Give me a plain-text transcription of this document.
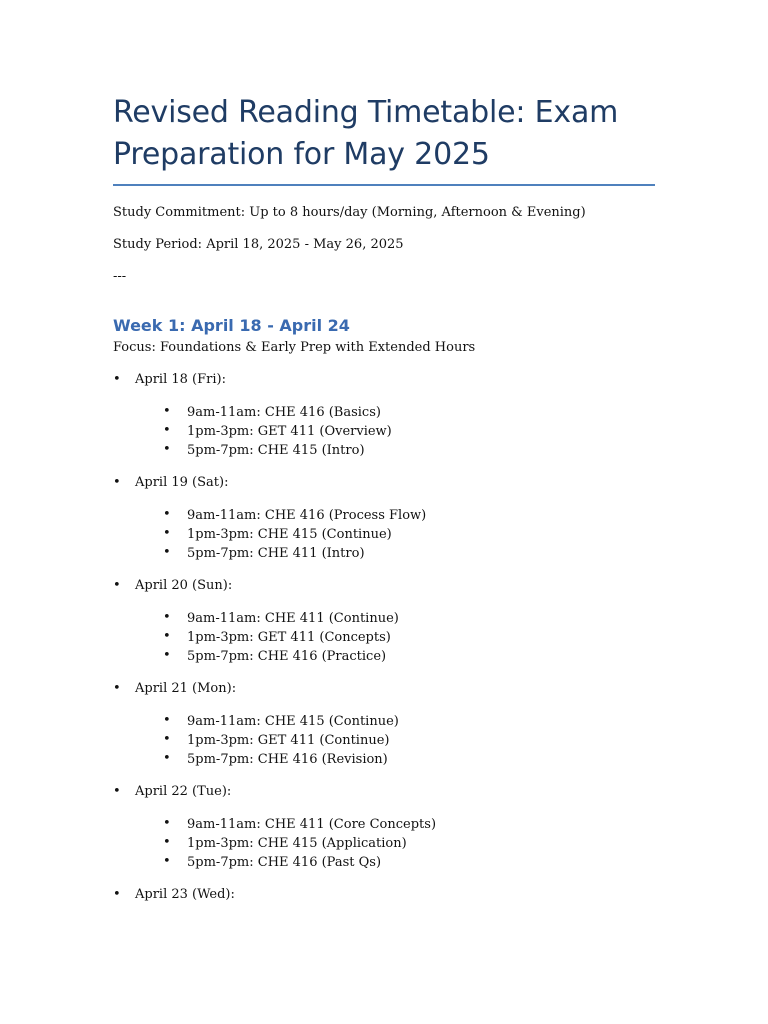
Revised Reading Timetable: Exam Preparation for May 2025

Study Commitment: Up to 8 hours/day (Morning, Afternoon & Evening)

Study Period: April 18, 2025 - May 26, 2025

---

Week 1: April 18 - April 24

Focus: Foundations & Early Prep with Extended Hours

• April 18 (Fri):
• 9am-11am: CHE 416 (Basics)
• 1pm-3pm: GET 411 (Overview)
• 5pm-7pm: CHE 415 (Intro)
• April 19 (Sat):
• 9am-11am: CHE 416 (Process Flow)
• 1pm-3pm: CHE 415 (Continue)
• 5pm-7pm: CHE 411 (Intro)
• April 20 (Sun):
• 9am-11am: CHE 411 (Continue)
• 1pm-3pm: GET 411 (Concepts)
• 5pm-7pm: CHE 416 (Practice)
• April 21 (Mon):
• 9am-11am: CHE 415 (Continue)
• 1pm-3pm: GET 411 (Continue)
• 5pm-7pm: CHE 416 (Revision)
• April 22 (Tue):
• 9am-11am: CHE 411 (Core Concepts)
• 1pm-3pm: CHE 415 (Application)
• 5pm-7pm: CHE 416 (Past Qs)
• April 23 (Wed):
